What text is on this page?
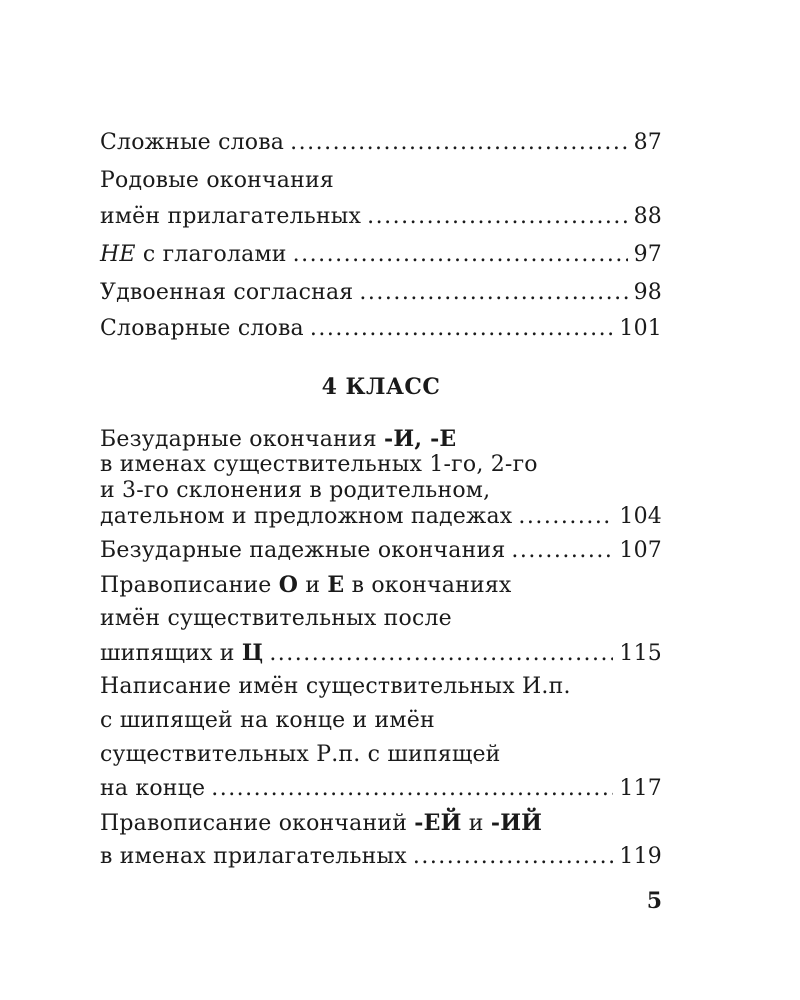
Сложные слова .....	87
Родовые окончания
имён прилагательных .....	88
НЕ с глаголами .....	97
Удвоенная согласная .....	98
Словарные слова .....	101
4 КЛАСС
Безударные окончания -И, -Е
в именах существительных 1-го, 2-го
и 3-го склонения в родительном,
дательном и предложном падежах .....	104
Безударные падежные окончания .....	107
Правописание О и Е в окончаниях
имён существительных после
шипящих и Ц .....	115
Написание имён существительных И.п.
с шипящей на конце и имён
существительных Р.п. с шипящей
на конце .....	117
Правописание окончаний -ЕЙ и -ИЙ
в именах прилагательных .....	119
5
